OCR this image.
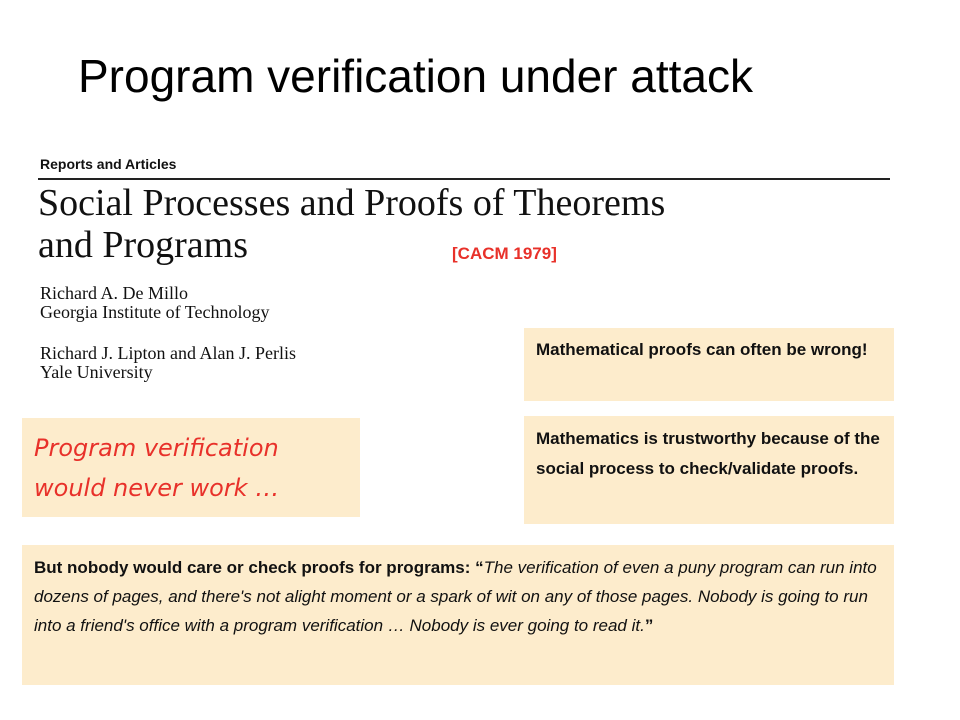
Program verification under attack
Reports and Articles
Social Processes and Proofs of Theorems
and Programs
Richard A. De Millo
Georgia Institute of Technology
Richard J. Lipton and Alan J. Perlis
Yale University
[CACM 1979]
Mathematical proofs can often be wrong!
Mathematics is trustworthy because of the social process to check/validate proofs.
Program verification would never work …
But nobody would care or check proofs for programs: “The verification of even a puny program can run into dozens of pages, and there's not alight moment or a spark of wit on any of those pages. Nobody is going to run into a friend's office with a program verification … Nobody is ever going to read it.”
